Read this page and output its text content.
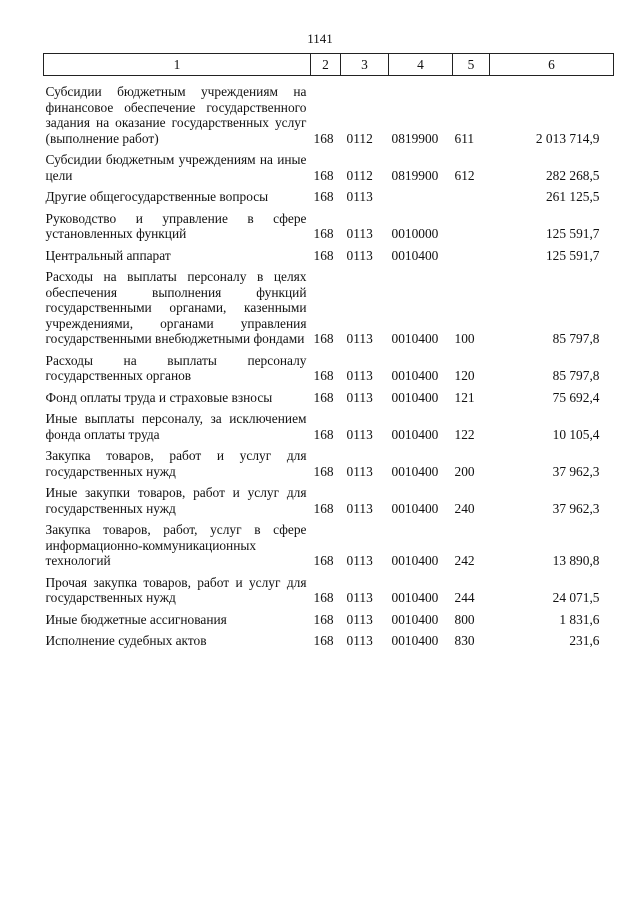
1141
1	2	3	4	5	6
Субсидии бюджетным учреждениям на финансовое обеспечение государственного задания на оказание государственных услуг (выполнение работ)	168	0112	0819900	611	2 013 714,9
Субсидии бюджетным учреждениям на иные цели	168	0112	0819900	612	282 268,5
Другие общегосударственные вопросы	168	0113			261 125,5
Руководство и управление в сфере установленных функций	168	0113	0010000		125 591,7
Центральный аппарат	168	0113	0010400		125 591,7
Расходы на выплаты персоналу в целях обеспечения выполнения функций государственными органами, казенными учреждениями, органами управления государственными внебюджетными фондами	168	0113	0010400	100	85 797,8
Расходы на выплаты персоналу государственных органов	168	0113	0010400	120	85 797,8
Фонд оплаты труда и страховые взносы	168	0113	0010400	121	75 692,4
Иные выплаты персоналу, за исключением фонда оплаты труда	168	0113	0010400	122	10 105,4
Закупка товаров, работ и услуг для государственных нужд	168	0113	0010400	200	37 962,3
Иные закупки товаров, работ и услуг для государственных нужд	168	0113	0010400	240	37 962,3
Закупка товаров, работ, услуг в сфере информационно-коммуникационных технологий	168	0113	0010400	242	13 890,8
Прочая закупка товаров, работ и услуг для государственных нужд	168	0113	0010400	244	24 071,5
Иные бюджетные ассигнования	168	0113	0010400	800	1 831,6
Исполнение судебных актов	168	0113	0010400	830	231,6
